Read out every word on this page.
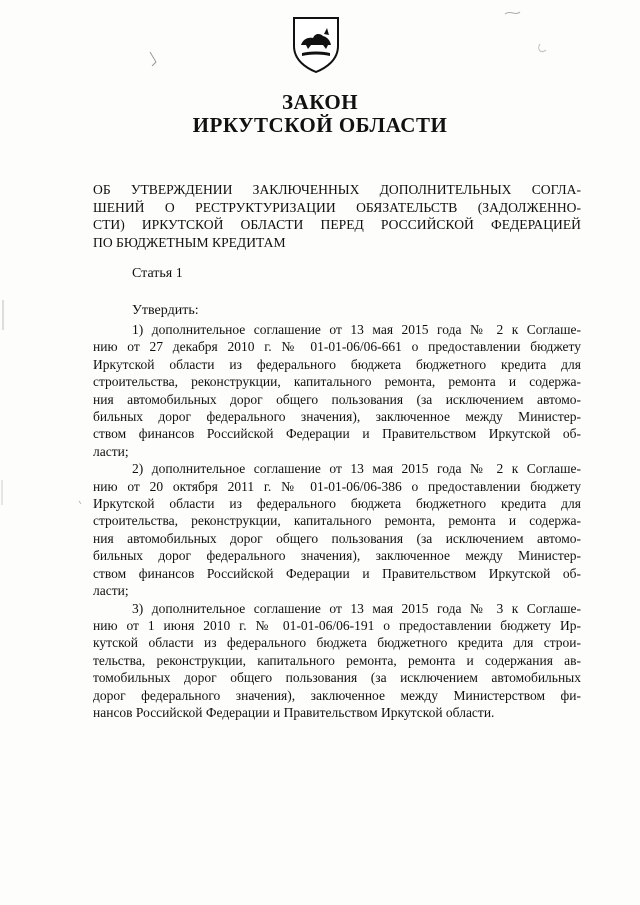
ЗАКОН
ИРКУТСКОЙ ОБЛАСТИ
ОБ УТВЕРЖДЕНИИ ЗАКЛЮЧЕННЫХ ДОПОЛНИТЕЛЬНЫХ СОГЛА-
ШЕНИЙ О РЕСТРУКТУРИЗАЦИИ ОБЯЗАТЕЛЬСТВ (ЗАДОЛЖЕННО-
СТИ) ИРКУТСКОЙ ОБЛАСТИ ПЕРЕД РОССИЙСКОЙ ФЕДЕРАЦИЕЙ
ПО БЮДЖЕТНЫМ КРЕДИТАМ
Статья 1
Утвердить:
1) дополнительное соглашение от 13 мая 2015 года № 2 к Соглаше-
нию от 27 декабря 2010 г. № 01-01-06/06-661 о предоставлении бюджету
Иркутской области из федерального бюджета бюджетного кредита для
строительства, реконструкции, капитального ремонта, ремонта и содержа-
ния автомобильных дорог общего пользования (за исключением автомо-
бильных дорог федерального значения), заключенное между Министер-
ством финансов Российской Федерации и Правительством Иркутской об-
ласти;
2) дополнительное соглашение от 13 мая 2015 года № 2 к Соглаше-
нию от 20 октября 2011 г. № 01-01-06/06-386 о предоставлении бюджету
Иркутской области из федерального бюджета бюджетного кредита для
строительства, реконструкции, капитального ремонта, ремонта и содержа-
ния автомобильных дорог общего пользования (за исключением автомо-
бильных дорог федерального значения), заключенное между Министер-
ством финансов Российской Федерации и Правительством Иркутской об-
ласти;
3) дополнительное соглашение от 13 мая 2015 года № 3 к Соглаше-
нию от 1 июня 2010 г. № 01-01-06/06-191 о предоставлении бюджету Ир-
кутской области из федерального бюджета бюджетного кредита для строи-
тельства, реконструкции, капитального ремонта, ремонта и содержания ав-
томобильных дорог общего пользования (за исключением автомобильных
дорог федерального значения), заключенное между Министерством фи-
нансов Российской Федерации и Правительством Иркутской области.
